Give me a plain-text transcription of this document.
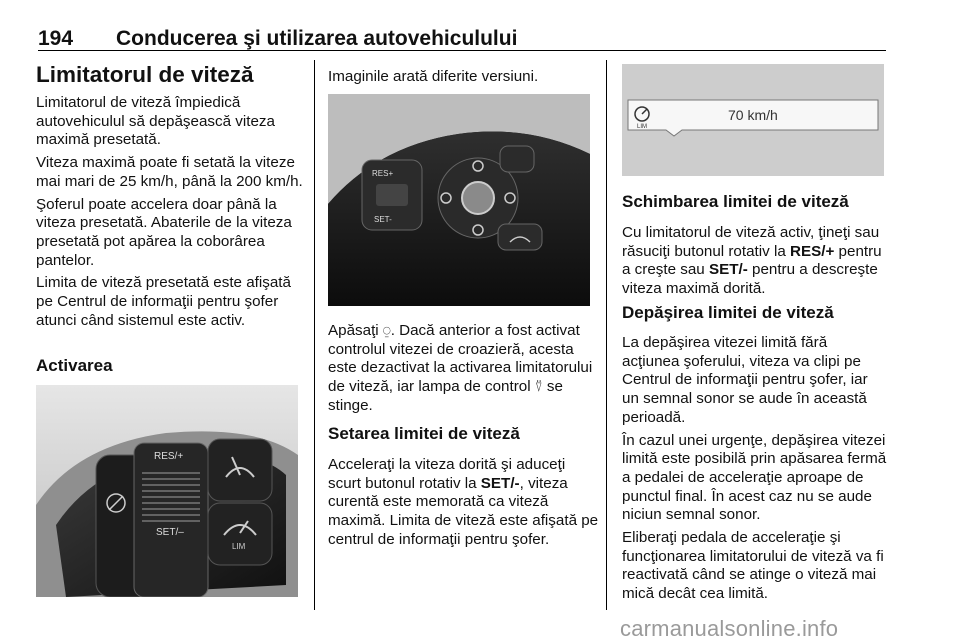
194 Conducerea şi utilizarea autovehiculului
Limitatorul de viteză

Limitatorul de viteză împiedică autovehiculul să depăşească viteza maximă presetată.

Viteza maximă poate fi setată la viteze mai mari de 25 km/h, până la 200 km/h.

Şoferul poate accelera doar până la viteza presetată. Abaterile de la viteza presetată pot apărea la coborârea pantelor.

Limita de viteză presetată este afişată pe Centrul de informaţii pentru şofer atunci când sistemul este activ.

Activarea
RES/+
SET/–
LIM

Imaginile arată diferite versiuni.

RES+
SET-

Apăsaţi ⍜. Dacă anterior a fost activat controlul vitezei de croazieră, acesta este dezactivat la activarea limitatorului de viteză, iar lampa de control ⍢ se stinge.

Setarea limitei de viteză

Acceleraţi la viteza dorită şi aduceţi scurt butonul rotativ la SET/-, viteza curentă este memorată ca viteză maximă. Limita de viteză este afişată pe centrul de informaţii pentru şofer.

LIM
70 km/h
Schimbarea limitei de viteză

Cu limitatorul de viteză activ, ţineţi sau răsuciţi butonul rotativ la RES/+ pentru a creşte sau SET/- pentru a descreşte viteza maximă dorită.

Depăşirea limitei de viteză

La depăşirea vitezei limită fără acţiunea şoferului, viteza va clipi pe Centrul de informaţii pentru şofer, iar un semnal sonor se aude în această perioadă.

În cazul unei urgenţe, depăşirea vitezei limită este posibilă prin apăsarea fermă a pedalei de acceleraţie aproape de punctul final. În acest caz nu se aude niciun semnal sonor.

Eliberaţi pedala de acceleraţie şi funcţionarea limitatorului de viteză va fi reactivată când se atinge o viteză mai mică decât cea limită.

carmanualsonline.info
